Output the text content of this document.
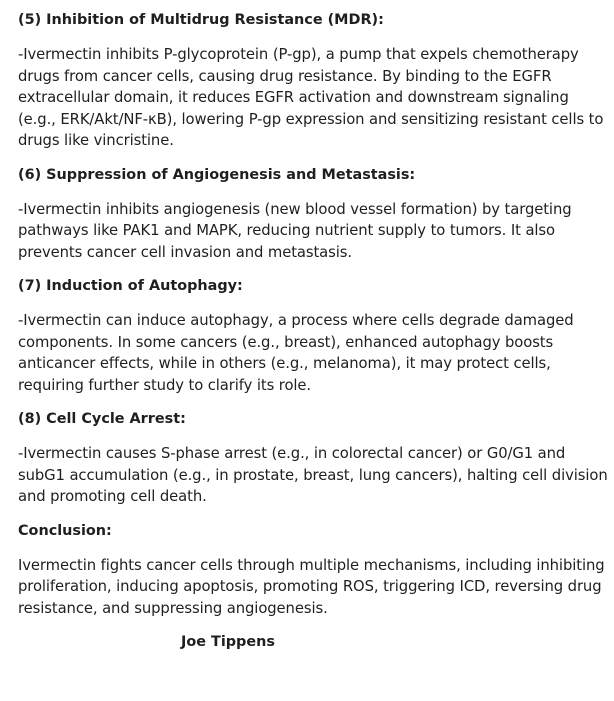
(5) Inhibition of Multidrug Resistance (MDR):
-Ivermectin inhibits P-glycoprotein (P-gp), a pump that expels chemotherapy drugs from cancer cells, causing drug resistance. By binding to the EGFR extracellular domain, it reduces EGFR activation and downstream signaling (e.g., ERK/Akt/NF-κB), lowering P-gp expression and sensitizing resistant cells to drugs like vincristine.
(6) Suppression of Angiogenesis and Metastasis:
-Ivermectin inhibits angiogenesis (new blood vessel formation) by targeting pathways like PAK1 and MAPK, reducing nutrient supply to tumors. It also prevents cancer cell invasion and metastasis.
(7) Induction of Autophagy:
-Ivermectin can induce autophagy, a process where cells degrade damaged components. In some cancers (e.g., breast), enhanced autophagy boosts anticancer effects, while in others (e.g., melanoma), it may protect cells, requiring further study to clarify its role.
(8) Cell Cycle Arrest:
-Ivermectin causes S-phase arrest (e.g., in colorectal cancer) or G0/G1 and subG1 accumulation (e.g., in prostate, breast, lung cancers), halting cell division and promoting cell death.
Conclusion:
Ivermectin fights cancer cells through multiple mechanisms, including inhibiting proliferation, inducing apoptosis, promoting ROS, triggering ICD, reversing drug resistance, and suppressing angiogenesis.
Joe Tippens
